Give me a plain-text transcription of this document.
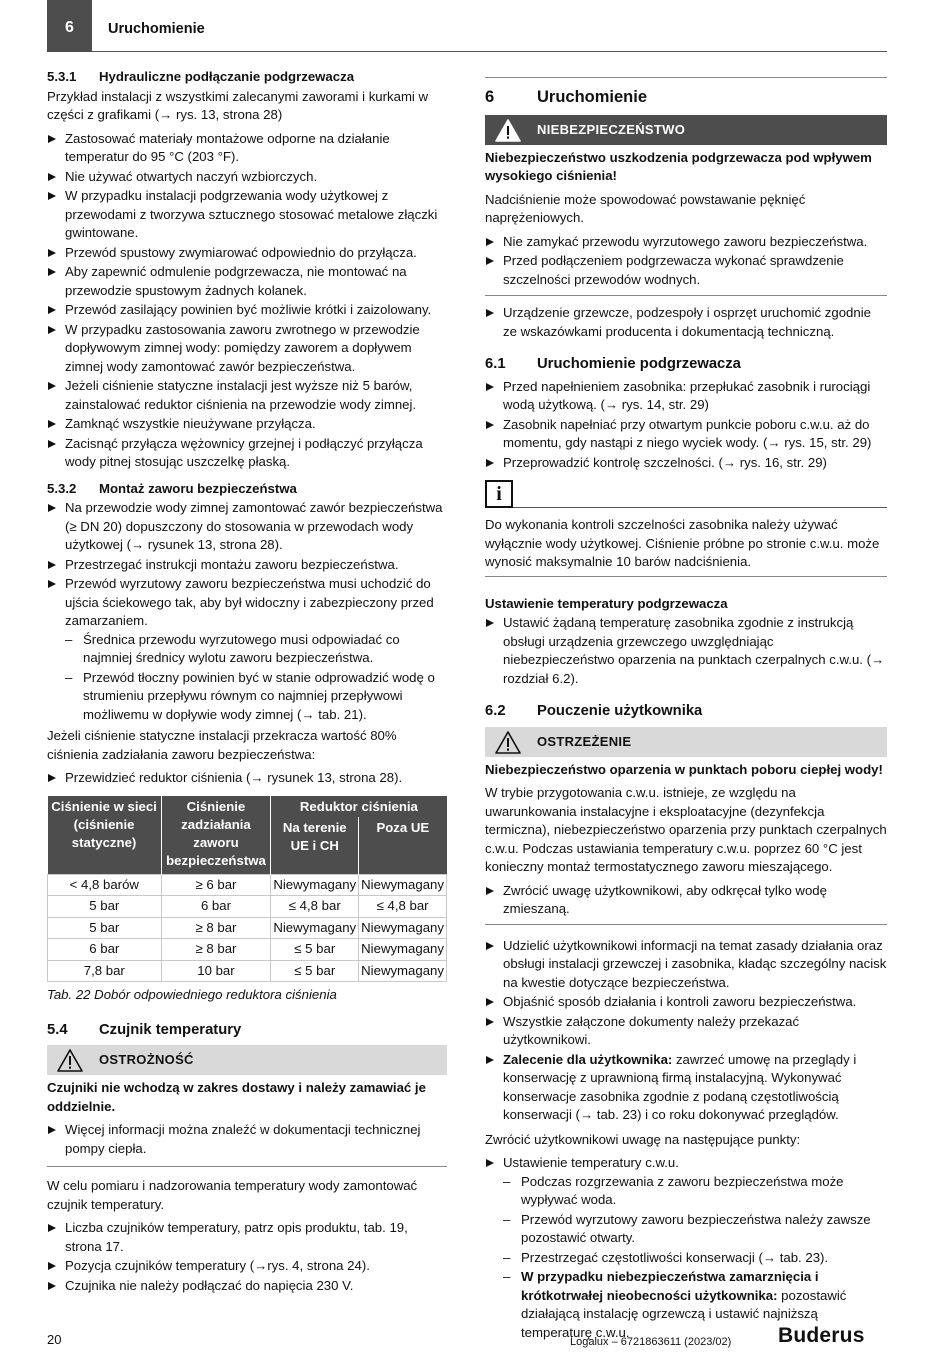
6	Uruchomienie
5.3.1 Hydrauliczne podłączanie podgrzewacza

Przykład instalacji z wszystkimi zalecanymi zaworami i kurkami w części z grafikami (→ rys. 13, strona 28)

Zastosować materiały montażowe odporne na działanie temperatur do 95 °C (203 °F).
Nie używać otwartych naczyń wzbiorczych.
W przypadku instalacji podgrzewania wody użytkowej z przewodami z tworzywa sztucznego stosować metalowe złączki gwintowane.
Przewód spustowy zwymiarować odpowiednio do przyłącza.
Aby zapewnić odmulenie podgrzewacza, nie montować na przewodzie spustowym żadnych kolanek.
Przewód zasilający powinien być możliwie krótki i zaizolowany.
W przypadku zastosowania zaworu zwrotnego w przewodzie dopływowym zimnej wody: pomiędzy zaworem a dopływem zimnej wody zamontować zawór bezpieczeństwa.
Jeżeli ciśnienie statyczne instalacji jest wyższe niż 5 barów, zainstalować reduktor ciśnienia na przewodzie wody zimnej.
Zamknąć wszystkie nieużywane przyłącza.
Zacisnąć przyłącza wężownicy grzejnej i podłączyć przyłącza wody pitnej stosując uszczelkę płaską.
5.3.2 Montaż zaworu bezpieczeństwa
Na przewodzie wody zimnej zamontować zawór bezpieczeństwa (≥ DN 20) dopuszczony do stosowania w przewodach wody użytkowej (→ rysunek 13, strona 28).
Przestrzegać instrukcji montażu zaworu bezpieczeństwa.
Przewód wyrzutowy zaworu bezpieczeństwa musi uchodzić do ujścia ściekowego tak, aby był widoczny i zabezpieczony przed zamarzaniem.
– Średnica przewodu wyrzutowego musi odpowiadać co najmniej średnicy wylotu zaworu bezpieczeństwa.
– Przewód tłoczny powinien być w stanie odprowadzić wodę o strumieniu przepływu równym co najmniej przepływowi możliwemu w dopływie wody zimnej (→ tab. 21).

Jeżeli ciśnienie statyczne instalacji przekracza wartość 80% ciśnienia zadziałania zaworu bezpieczeństwa:

Przewidzieć reduktor ciśnienia (→ rysunek 13, strona 28).
Ciśnienie w sieci (ciśnienie statyczne)	Ciśnienie zadziałania zaworu bezpieczeństwa	Reduktor ciśnienia	
		Na terenie UE i CH	Poza UE
< 4,8 barów	≥ 6 bar	Niewymagany	Niewymagany
5 bar	6 bar	≤ 4,8 bar	≤ 4,8 bar
5 bar	≥ 8 bar	Niewymagany	Niewymagany
6 bar	≥ 8 bar	≤ 5 bar	Niewymagany
7,8 bar	10 bar	≤ 5 bar	Niewymagany
Tab. 22 Dobór odpowiedniego reduktora ciśnienia
5.4 Czujnik temperatury
OSTROŻNOŚĆ

Czujniki nie wchodzą w zakres dostawy i należy zamawiać je oddzielnie.

Więcej informacji można znaleźć w dokumentacji technicznej pompy ciepła.

W celu pomiaru i nadzorowania temperatury wody zamontować czujnik temperatury.

Liczba czujników temperatury, patrz opis produktu, tab. 19, strona 17.
Pozycja czujników temperatury (→rys. 4, strona 24).
Czujnika nie należy podłączać do napięcia 230 V.
6	Uruchomienie
NIEBEZPIECZEŃSTWO

Niebezpieczeństwo uszkodzenia podgrzewacza pod wpływem wysokiego ciśnienia!

Nadciśnienie może spowodować powstawanie pęknięć naprężeniowych.

Nie zamykać przewodu wyrzutowego zaworu bezpieczeństwa.
Przed podłączeniem podgrzewacza wykonać sprawdzenie szczelności przewodów wodnych.
Urządzenie grzewcze, podzespoły i osprzęt uruchomić zgodnie ze wskazówkami producenta i dokumentacją techniczną.
6.1 Uruchomienie podgrzewacza
Przed napełnieniem zasobnika: przepłukać zasobnik i rurociągi wodą użytkową. (→ rys. 14, str. 29)
Zasobnik napełniać przy otwartym punkcie poboru c.w.u. aż do momentu, gdy nastąpi z niego wyciek wody. (→ rys. 15, str. 29)
Przeprowadzić kontrolę szczelności. (→ rys. 16, str. 29)
i

Do wykonania kontroli szczelności zasobnika należy używać wyłącznie wody użytkowej. Ciśnienie próbne po stronie c.w.u. może wynosić maksymalnie 10 barów nadciśnienia.

Ustawienie temperatury podgrzewacza
Ustawić żądaną temperaturę zasobnika zgodnie z instrukcją obsługi urządzenia grzewczego uwzględniając niebezpieczeństwo oparzenia na punktach czerpalnych c.w.u. (→ rozdział 6.2).
6.2 Pouczenie użytkownika
OSTRZEŻENIE

Niebezpieczeństwo oparzenia w punktach poboru ciepłej wody!

W trybie przygotowania c.w.u. istnieje, ze względu na uwarunkowania instalacyjne i eksploatacyjne (dezynfekcja termiczna), niebezpieczeństwo oparzenia przy punktach czerpalnych c.w.u. Podczas ustawiania temperatury c.w.u. poprzez 60 °C jest konieczny montaż termostatycznego zaworu mieszającego.

Zwrócić uwagę użytkownikowi, aby odkręcał tylko wodę zmieszaną.
Udzielić użytkownikowi informacji na temat zasady działania oraz obsługi instalacji grzewczej i zasobnika, kładąc szczególny nacisk na kwestie dotyczące bezpieczeństwa.
Objaśnić sposób działania i kontroli zaworu bezpieczeństwa.
Wszystkie załączone dokumenty należy przekazać użytkownikowi.
Zalecenie dla użytkownika: zawrzeć umowę na przeglądy i konserwację z uprawnioną firmą instalacyjną. Wykonywać konserwacje zasobnika zgodnie z podaną częstotliwością konserwacji (→ tab. 23) i co roku dokonywać przeglądów.

Zwrócić użytkownikowi uwagę na następujące punkty:

Ustawienie temperatury c.w.u.
– Podczas rozgrzewania z zaworu bezpieczeństwa może wypływać woda.
– Przewód wyrzutowy zaworu bezpieczeństwa należy zawsze pozostawić otwarty.
– Przestrzegać częstotliwości konserwacji (→ tab. 23).
– W przypadku niebezpieczeństwa zamarznięcia i krótkotrwałej nieobecności użytkownika: pozostawić działającą instalację ogrzewczą i ustawić najniższą temperaturę c.w.u.
20	Logalux – 6721863611 (2023/02) Buderus
